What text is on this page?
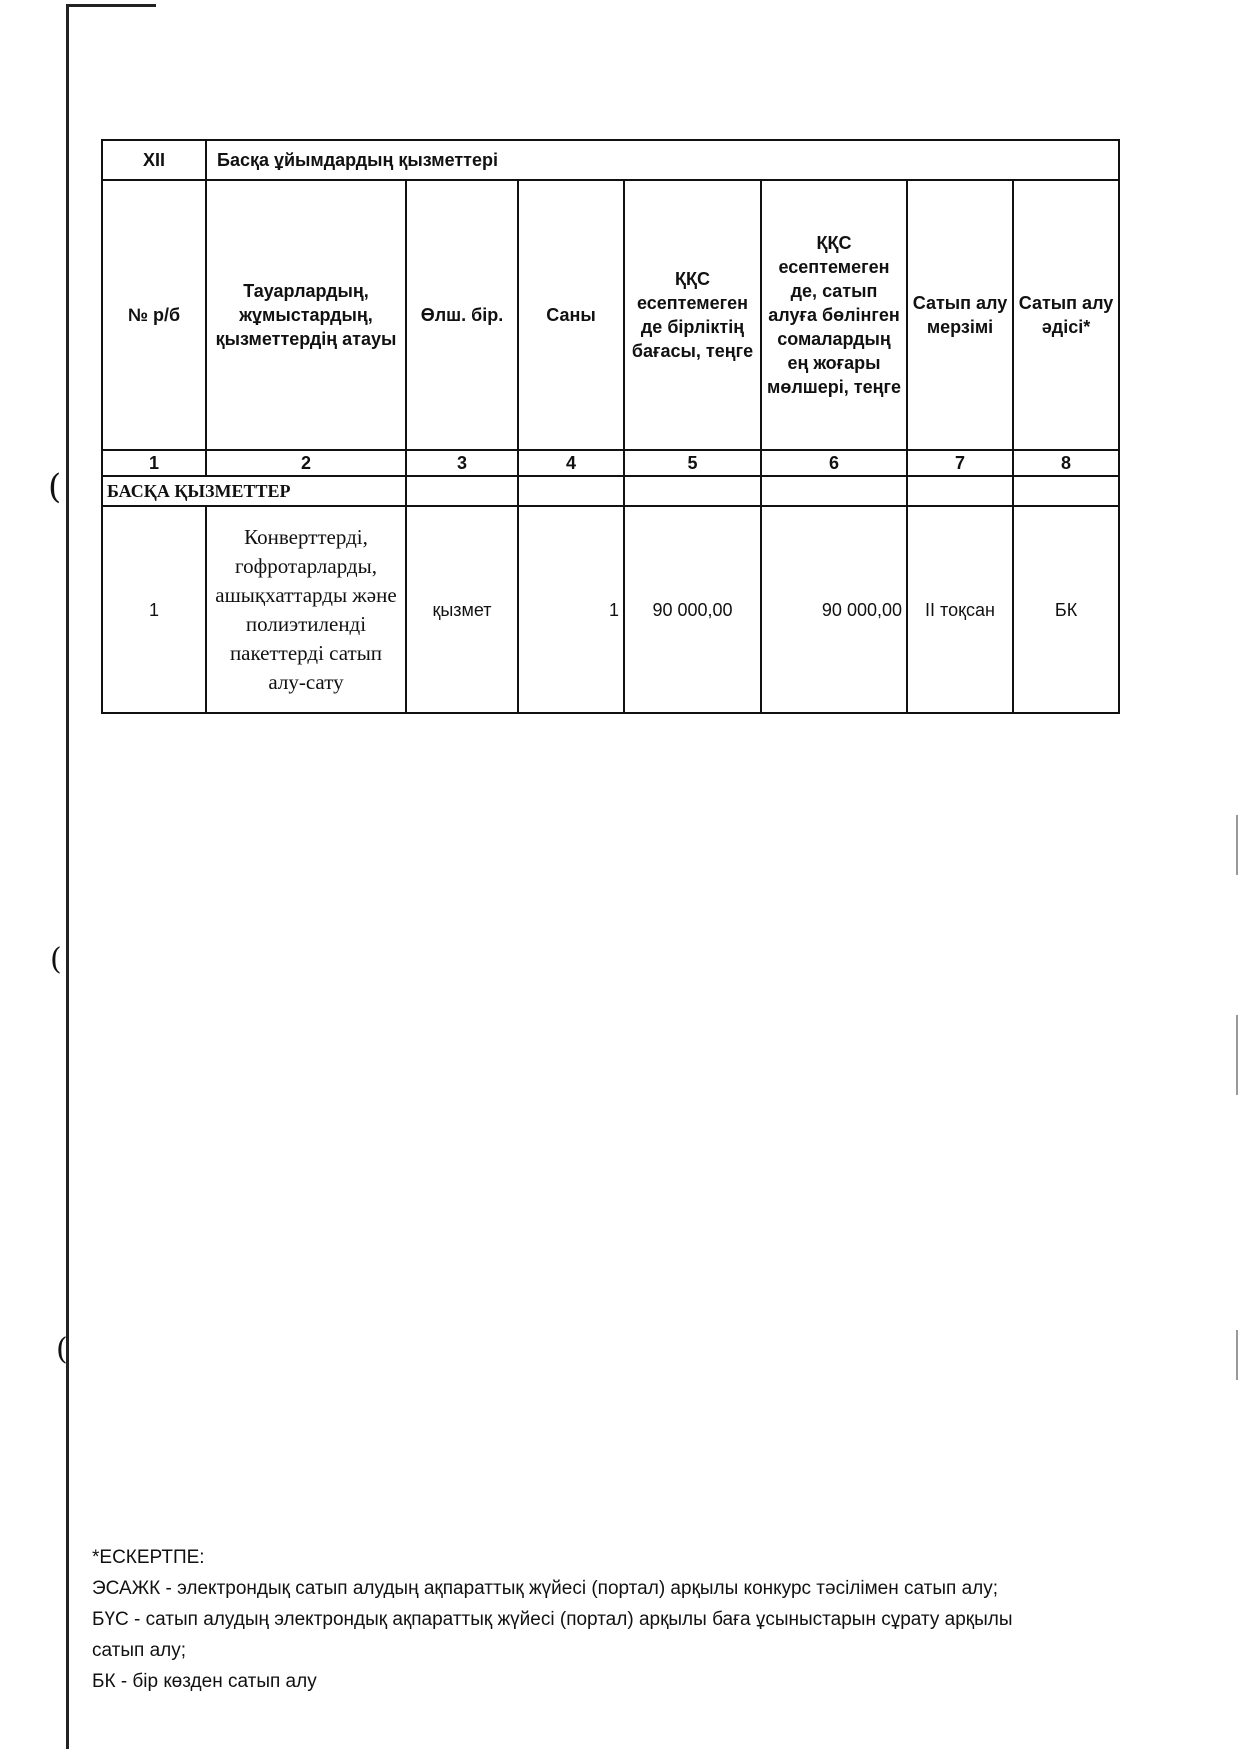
(
(
(
XII	Басқа ұйымдардың қызметтері						
№ р/б	Тауарлардың, жұмыстардың, қызметтердің атауы	Өлш. бір.	Саны	ҚҚС есептемеген де бірліктің бағасы, теңге	ҚҚС есептемеген де, сатып алуға бөлінген сомалардың ең жоғары мөлшері, теңге	Сатып алу мерзімі	Сатып алу әдісі*
1	2	3	4	5	6	7	8
БАСҚА ҚЫЗМЕТТЕР							
1	Конверттерді, гофротарларды, ашықхаттарды және полиэтиленді пакеттерді сатып алу-сату	қызмет	1	90 000,00	90 000,00	ІІ тоқсан	БК
*ЕСКЕРТПЕ:
ЭСАЖК - электрондық сатып алудың ақпараттық жүйесі (портал) арқылы конкурс тәсілімен сатып алу;
БҮС - сатып алудың электрондық ақпараттық жүйесі (портал) арқылы баға ұсыныстарын сұрату арқылы
сатып алу;
БК - бір көзден сатып алу
